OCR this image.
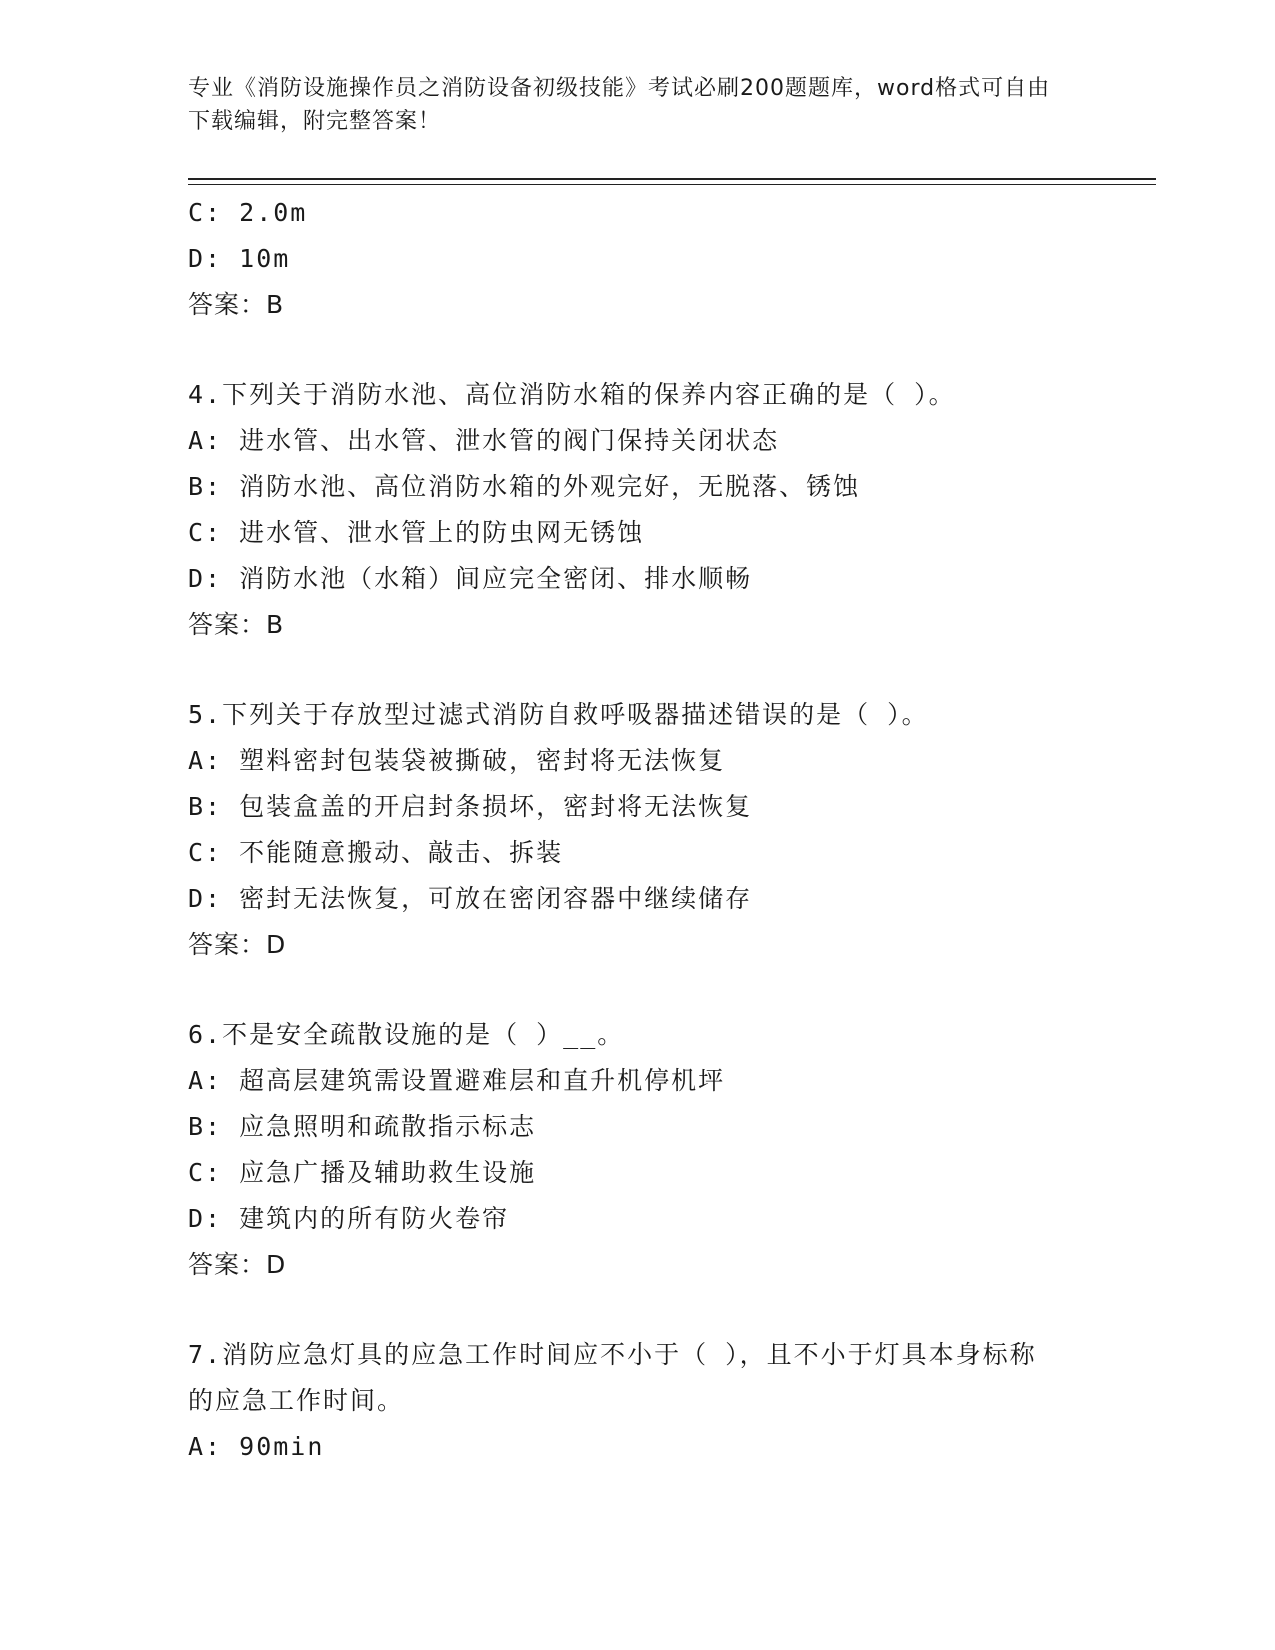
专业《消防设施操作员之消防设备初级技能》考试必刷200题题库，word格式可自由下载编辑，附完整答案！
C: 2.0m
D: 10m
答案：B
4.下列关于消防水池、高位消防水箱的保养内容正确的是（ ）。
A: 进水管、出水管、泄水管的阀门保持关闭状态
B: 消防水池、高位消防水箱的外观完好，无脱落、锈蚀
C: 进水管、泄水管上的防虫网无锈蚀
D: 消防水池（水箱）间应完全密闭、排水顺畅
答案：B
5.下列关于存放型过滤式消防自救呼吸器描述错误的是（ ）。
A: 塑料密封包装袋被撕破，密封将无法恢复
B: 包装盒盖的开启封条损坏，密封将无法恢复
C: 不能随意搬动、敲击、拆装
D: 密封无法恢复，可放在密闭容器中继续储存
答案：D
6.不是安全疏散设施的是（ ）__。
A: 超高层建筑需设置避难层和直升机停机坪
B: 应急照明和疏散指示标志
C: 应急广播及辅助救生设施
D: 建筑内的所有防火卷帘
答案：D
7.消防应急灯具的应急工作时间应不小于（ ），且不小于灯具本身标称的应急工作时间。
A: 90min
